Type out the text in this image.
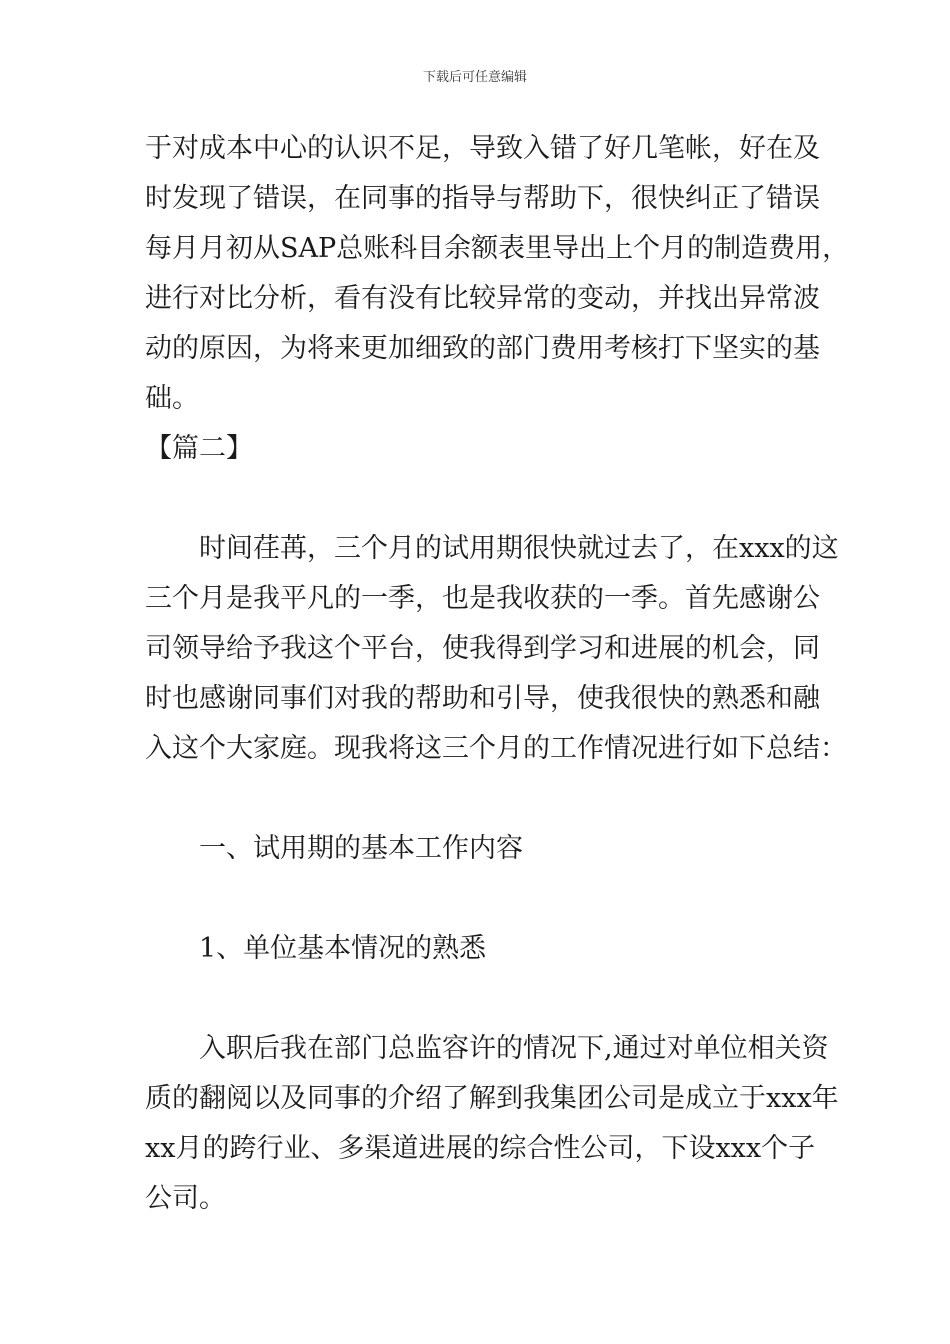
下载后可任意编辑
于对成本中心的认识不足，导致入错了好几笔帐，好在及
时发现了错误，在同事的指导与帮助下，很快纠正了错误
每月月初从SAP总账科目余额表里导出上个月的制造费用，
进行对比分析，看有没有比较异常的变动，并找出异常波
动的原因，为将来更加细致的部门费用考核打下坚实的基
础。
【篇二】
时间荏苒，三个月的试用期很快就过去了，在xxx的这
三个月是我平凡的一季，也是我收获的一季。首先感谢公
司领导给予我这个平台，使我得到学习和进展的机会，同
时也感谢同事们对我的帮助和引导，使我很快的熟悉和融
入这个大家庭。现我将这三个月的工作情况进行如下总结：
一、试用期的基本工作内容
1、单位基本情况的熟悉
入职后我在部门总监容许的情况下,通过对单位相关资
质的翻阅以及同事的介绍了解到我集团公司是成立于xxx年
xx月的跨行业、多渠道进展的综合性公司，下设xxx个子
公司。
